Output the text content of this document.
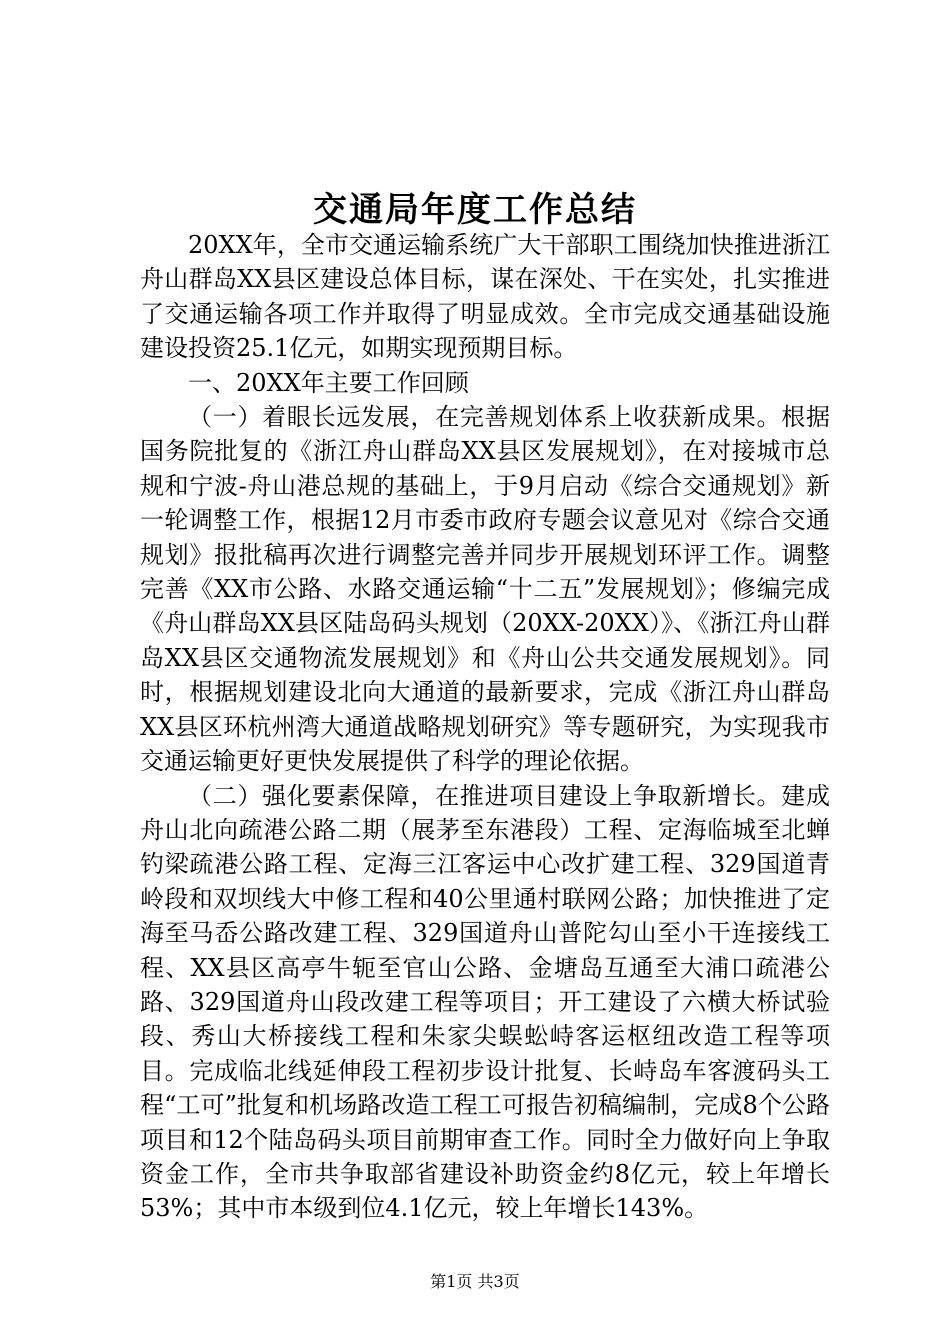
交通局年度工作总结

20XX年，全市交通运输系统广大干部职工围绕加快推进浙江舟山群岛XX县区建设总体目标，谋在深处、干在实处，扎实推进了交通运输各项工作并取得了明显成效。全市完成交通基础设施建设投资25.1亿元，如期实现预期目标。

一、20XX年主要工作回顾

（一）着眼长远发展，在完善规划体系上收获新成果。根据国务院批复的《浙江舟山群岛XX县区发展规划》，在对接城市总规和宁波-舟山港总规的基础上，于9月启动《综合交通规划》新一轮调整工作，根据12月市委市政府专题会议意见对《综合交通规划》报批稿再次进行调整完善并同步开展规划环评工作。调整完善《XX市公路、水路交通运输“十二五”发展规划》；修编完成《舟山群岛XX县区陆岛码头规划（20XX-20XX）》、《浙江舟山群岛XX县区交通物流发展规划》和《舟山公共交通发展规划》。同时，根据规划建设北向大通道的最新要求，完成《浙江舟山群岛XX县区环杭州湾大通道战略规划研究》等专题研究，为实现我市交通运输更好更快发展提供了科学的理论依据。

（二）强化要素保障，在推进项目建设上争取新增长。建成舟山北向疏港公路二期（展茅至东港段）工程、定海临城至北蝉钓梁疏港公路工程、定海三江客运中心改扩建工程、329国道青岭段和双坝线大中修工程和40公里通村联网公路；加快推进了定海至马岙公路改建工程、329国道舟山普陀勾山至小干连接线工程、XX县区高亭牛轭至官山公路、金塘岛互通至大浦口疏港公路、329国道舟山段改建工程等项目；开工建设了六横大桥试验段、秀山大桥接线工程和朱家尖蜈蚣峙客运枢纽改造工程等项目。完成临北线延伸段工程初步设计批复、长峙岛车客渡码头工程“工可”批复和机场路改造工程工可报告初稿编制，完成8个公路项目和12个陆岛码头项目前期审查工作。同时全力做好向上争取资金工作，全市共争取部省建设补助资金约8亿元，较上年增长53%；其中市本级到位4.1亿元，较上年增长143%。

第1页 共3页
